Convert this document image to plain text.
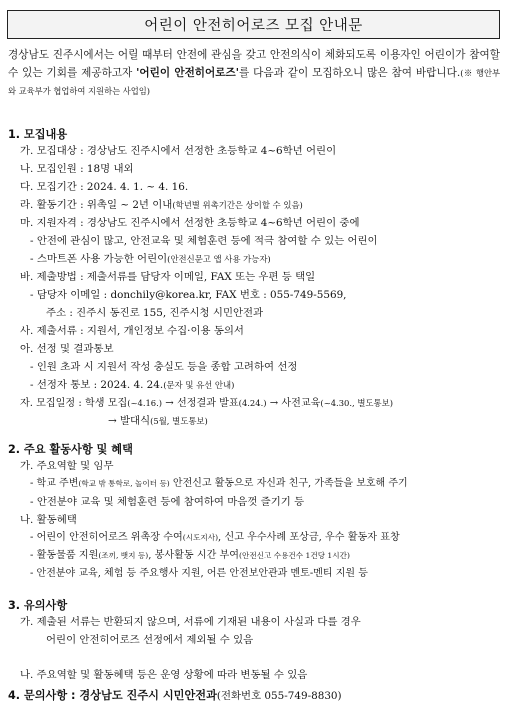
어린이 안전히어로즈 모집 안내문

경상남도 진주시에서는 어릴 때부터 안전에 관심을 갖고 안전의식이 체화되도록 이용자인 어린이가 참여할 수 있는 기회를 제공하고자 '어린이 안전히어로즈'를 다음과 같이 모집하오니 많은 참여 바랍니다.(※ 행안부와 교육부가 협업하여 지원하는 사업임)

1. 모집내용
가. 모집대상 : 경상남도 진주시에서 선정한 초등학교 4~6학년 어린이
나. 모집인원 : 18명 내외
다. 모집기간 : 2024. 4. 1. ~ 4. 16.
라. 활동기간 : 위촉일 ~ 2년 이내(학년별 위촉기간은 상이할 수 있음)
마. 지원자격 : 경상남도 진주시에서 선정한 초등학교 4~6학년 어린이 중에
- 안전에 관심이 많고, 안전교육 및 체험훈련 등에 적극 참여할 수 있는 어린이
- 스마트폰 사용 가능한 어린이(안전신문고 앱 사용 가능자)
바. 제출방법 : 제출서류를 담당자 이메일, FAX 또는 우편 등 택일
- 담당자 이메일 : donchily@korea.kr, FAX 번호 : 055-749-5569,
주소 : 진주시 동진로 155, 진주시청 시민안전과
사. 제출서류 : 지원서, 개인정보 수집·이용 동의서
아. 선정 및 결과통보
- 인원 초과 시 지원서 작성 충실도 등을 종합 고려하여 선정
- 선정자 통보 : 2024. 4. 24.(문자 및 유선 안내)
자. 모집일정 : 학생 모집(~4.16.) → 선정결과 발표(4.24.) → 사전교육(~4.30., 별도통보)
→ 발대식(5월, 별도통보)
2. 주요 활동사항 및 혜택
가. 주요역할 및 임무
- 학교 주변(학교 밖 통학로, 놀이터 등) 안전신고 활동으로 자신과 친구, 가족들을 보호해 주기
- 안전분야 교육 및 체험훈련 등에 참여하여 마음껏 즐기기 등
나. 활동혜택
- 어린이 안전히어로즈 위촉장 수여(시도지사), 신고 우수사례 포상금, 우수 활동자 표창
- 활동물품 지원(조끼, 뱃지 등), 봉사활동 시간 부여(안전신고 수용건수 1건당 1시간)
- 안전분야 교육, 체험 등 주요행사 지원, 어른 안전보안관과 멘토-멘티 지원 등
3. 유의사항
가. 제출된 서류는 반환되지 않으며, 서류에 기재된 내용이 사실과 다를 경우
어린이 안전히어로즈 선정에서 제외될 수 있음
나. 주요역할 및 활동혜택 등은 운영 상황에 따라 변동될 수 있음
4. 문의사항 : 경상남도 진주시 시민안전과(전화번호 055-749-8830)
